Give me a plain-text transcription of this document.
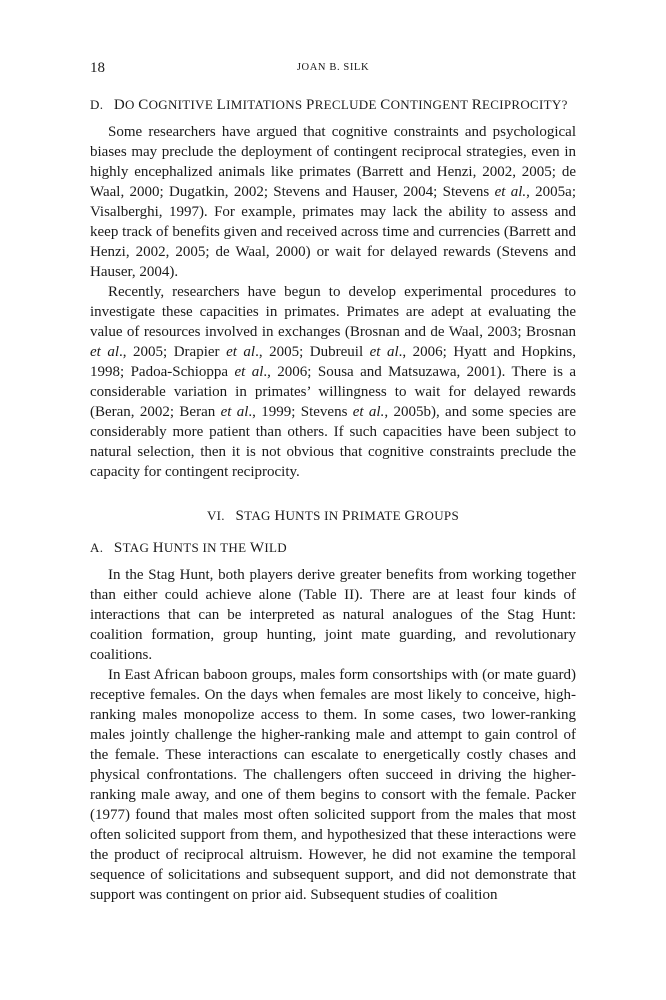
18	JOAN B. SILK
D. DO COGNITIVE LIMITATIONS PRECLUDE CONTINGENT RECIPROCITY?

Some researchers have argued that cognitive constraints and psychological biases may preclude the deployment of contingent reciprocal strategies, even in highly encephalized animals like primates (Barrett and Henzi, 2002, 2005; de Waal, 2000; Dugatkin, 2002; Stevens and Hauser, 2004; Stevens et al., 2005a; Visalberghi, 1997). For example, primates may lack the ability to assess and keep track of benefits given and received across time and currencies (Barrett and Henzi, 2002, 2005; de Waal, 2000) or wait for delayed rewards (Stevens and Hauser, 2004).

Recently, researchers have begun to develop experimental procedures to investigate these capacities in primates. Primates are adept at evaluating the value of resources involved in exchanges (Brosnan and de Waal, 2003; Brosnan et al., 2005; Drapier et al., 2005; Dubreuil et al., 2006; Hyatt and Hopkins, 1998; Padoa-Schioppa et al., 2006; Sousa and Matsuzawa, 2001). There is a considerable variation in primates’ willingness to wait for delayed rewards (Beran, 2002; Beran et al., 1999; Stevens et al., 2005b), and some species are considerably more patient than others. If such capacities have been subject to natural selection, then it is not obvious that cognitive constraints preclude the capacity for contingent reciprocity.

VI. STAG HUNTS IN PRIMATE GROUPS
A. STAG HUNTS IN THE WILD

In the Stag Hunt, both players derive greater benefits from working together than either could achieve alone (Table II). There are at least four kinds of interactions that can be interpreted as natural analogues of the Stag Hunt: coalition formation, group hunting, joint mate guarding, and revolutionary coalitions.

In East African baboon groups, males form consortships with (or mate guard) receptive females. On the days when females are most likely to conceive, high-ranking males monopolize access to them. In some cases, two lower-ranking males jointly challenge the higher-ranking male and attempt to gain control of the female. These interactions can escalate to energetically costly chases and physical confrontations. The challengers often succeed in driving the higher-ranking male away, and one of them begins to consort with the female. Packer (1977) found that males most often solicited support from the males that most often solicited support from them, and hypothesized that these interactions were the product of reciprocal altruism. However, he did not examine the temporal sequence of solicitations and subsequent support, and did not demonstrate that support was contingent on prior aid. Subsequent studies of coalition
